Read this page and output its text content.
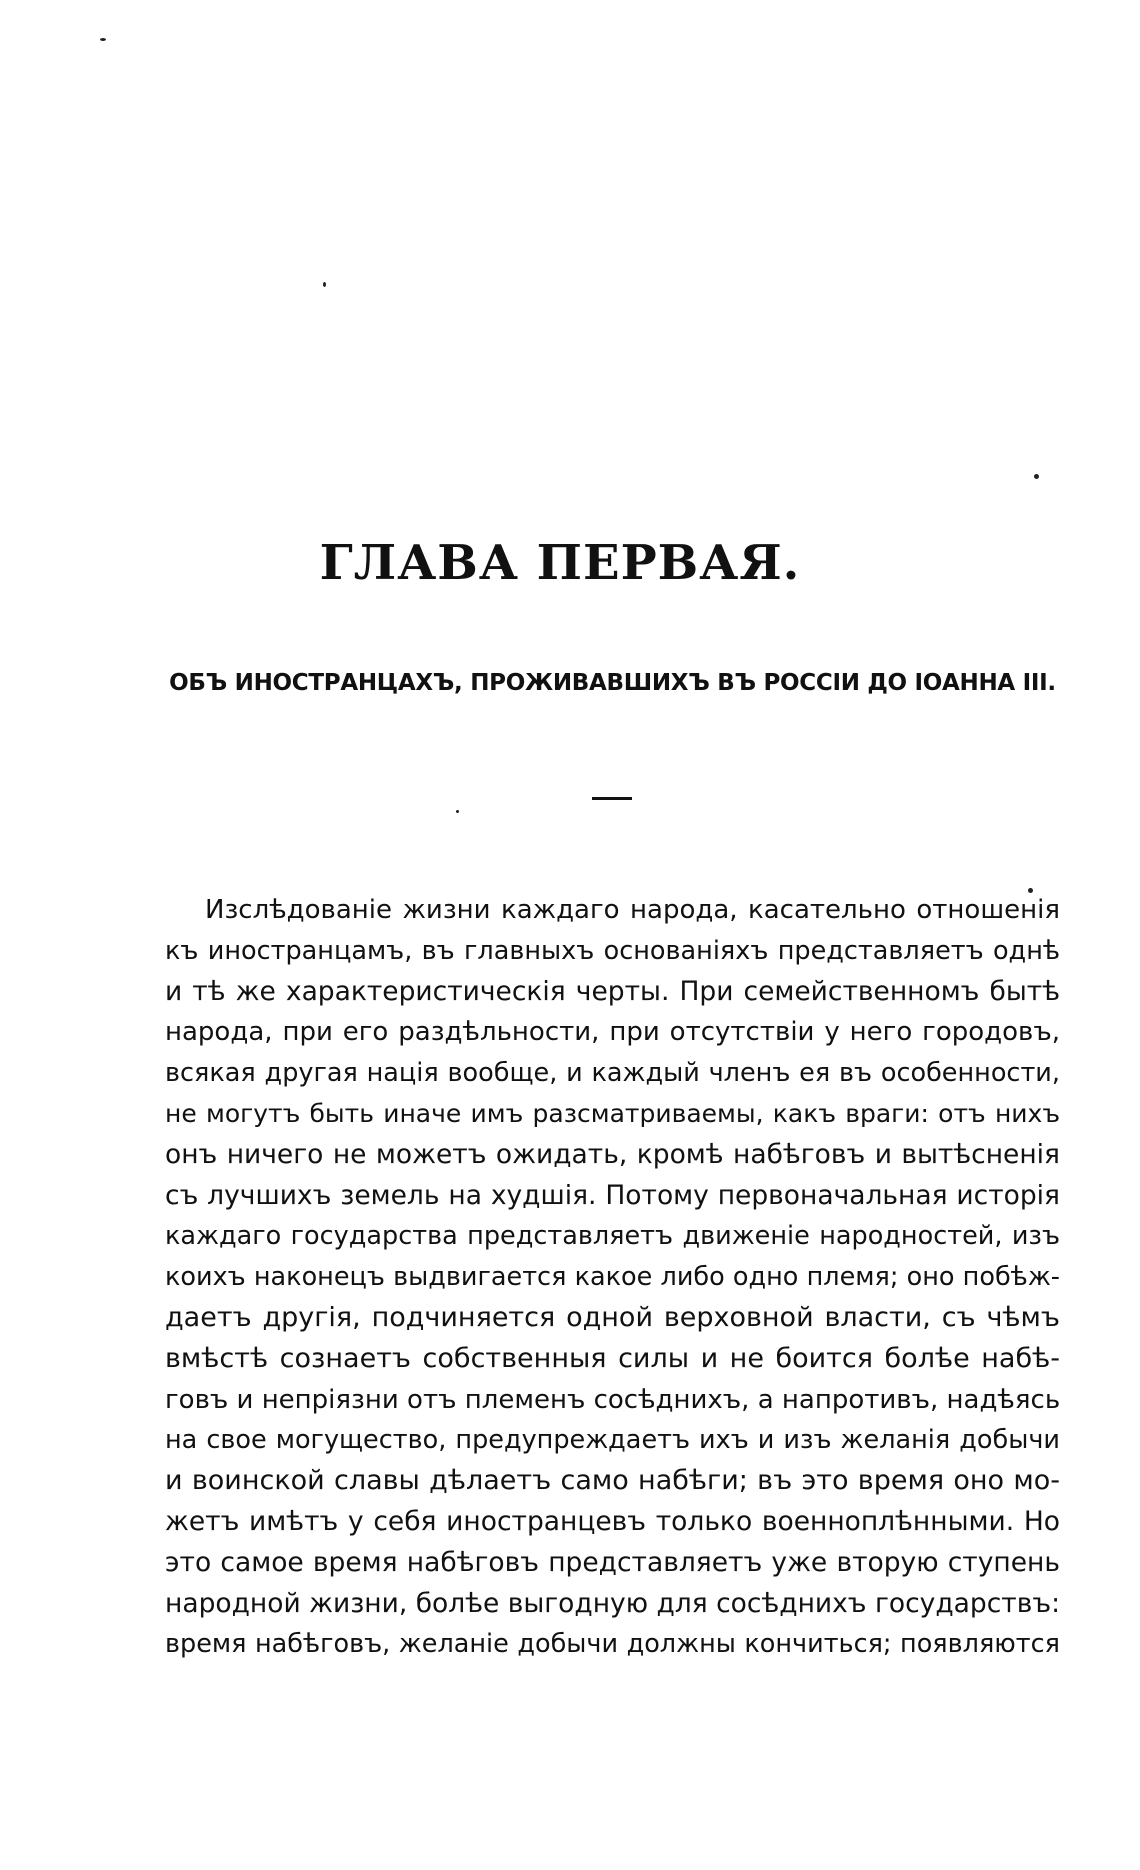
ГЛАВА ПЕРВАЯ.
ОБЪ ИНОСТРАНЦАХЪ, ПРОЖИВАВШИХЪ ВЪ РОССІИ ДО ІОАННА III.
Изслѣдованіе жизни каждаго народа, касательно отношенія
къ иностранцамъ, въ главныхъ основаніяхъ представляетъ однѣ
и тѣ же характеристическія черты. При семейственномъ бытѣ
народа, при его раздѣльности, при отсутствіи у него городовъ,
всякая другая нація вообще, и каждый членъ ея въ особенности,
не могутъ быть иначе имъ разсматриваемы, какъ враги: отъ нихъ
онъ ничего не можетъ ожидать, кромѣ набѣговъ и вытѣсненія
съ лучшихъ земель на худшія. Потому первоначальная исторія
каждаго государства представляетъ движеніе народностей, изъ
коихъ наконецъ выдвигается какое либо одно племя; оно побѣж-
даетъ другія, подчиняется одной верховной власти, съ чѣмъ
вмѣстѣ сознаетъ собственныя силы и не боится болѣе набѣ-
говъ и непріязни отъ племенъ сосѣднихъ, а напротивъ, надѣясь
на свое могущество, предупреждаетъ ихъ и изъ желанія добычи
и воинской славы дѣлаетъ само набѣги; въ это время оно мо-
жетъ имѣтъ у себя иностранцевъ только военноплѣнными. Но
это самое время набѣговъ представляетъ уже вторую ступень
народной жизни, болѣе выгодную для сосѣднихъ государствъ:
время набѣговъ, желаніе добычи должны кончиться; появляются
